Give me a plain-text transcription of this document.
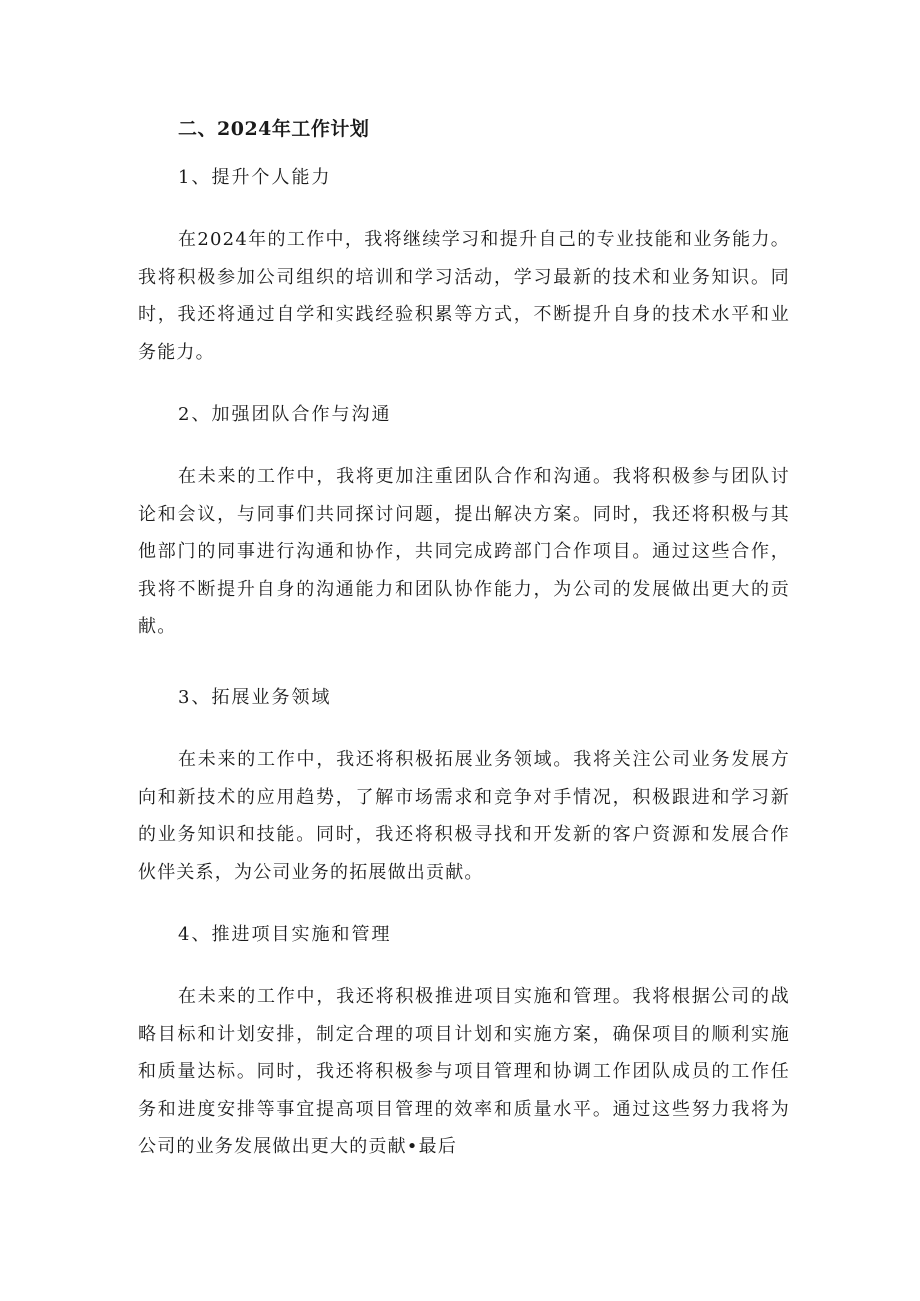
二、2024年工作计划
1、提升个人能力
在2024年的工作中，我将继续学习和提升自己的专业技能和业务能力。我将积极参加公司组织的培训和学习活动，学习最新的技术和业务知识。同时，我还将通过自学和实践经验积累等方式，不断提升自身的技术水平和业务能力。
2、加强团队合作与沟通
在未来的工作中，我将更加注重团队合作和沟通。我将积极参与团队讨论和会议，与同事们共同探讨问题，提出解决方案。同时，我还将积极与其他部门的同事进行沟通和协作，共同完成跨部门合作项目。通过这些合作，我将不断提升自身的沟通能力和团队协作能力，为公司的发展做出更大的贡献。
3、拓展业务领域
在未来的工作中，我还将积极拓展业务领域。我将关注公司业务发展方向和新技术的应用趋势，了解市场需求和竞争对手情况，积极跟进和学习新的业务知识和技能。同时，我还将积极寻找和开发新的客户资源和发展合作伙伴关系，为公司业务的拓展做出贡献。
4、推进项目实施和管理
在未来的工作中，我还将积极推进项目实施和管理。我将根据公司的战略目标和计划安排，制定合理的项目计划和实施方案，确保项目的顺利实施和质量达标。同时，我还将积极参与项目管理和协调工作团队成员的工作任务和进度安排等事宜提高项目管理的效率和质量水平。通过这些努力我将为公司的业务发展做出更大的贡献•最后
